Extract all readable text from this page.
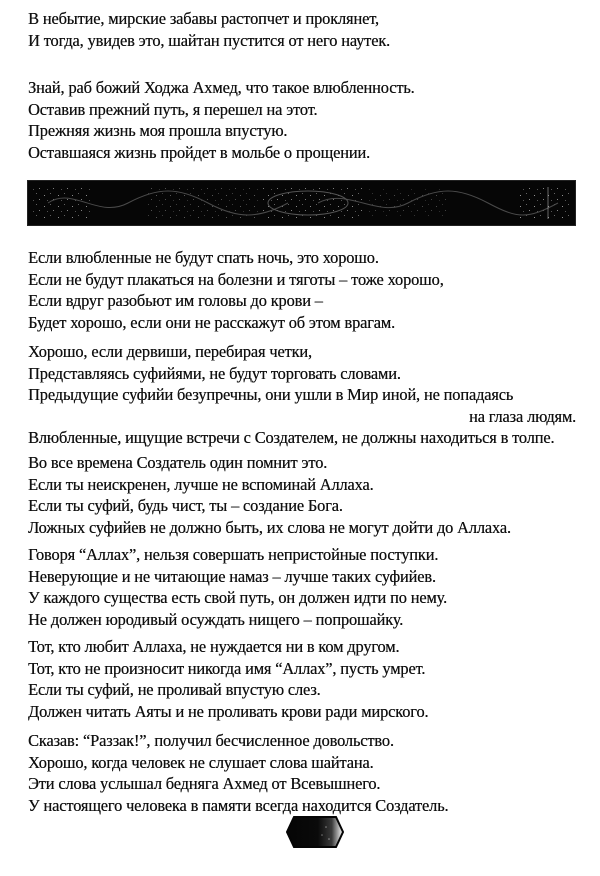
В небытие, мирские забавы растопчет и проклянет,
И тогда, увидев это, шайтан пустится от него наутек.
Знай, раб божий Ходжа Ахмед, что такое влюбленность.
Оставив прежний путь, я перешел на этот.
Прежняя жизнь моя прошла впустую.
Оставшаяся жизнь пройдет в мольбе о прощении.
Если влюбленные не будут спать ночь, это хорошо.
Если не будут плакаться на болезни и тяготы – тоже хорошо,
Если вдруг разобьют им головы до крови –
Будет хорошо, если они не расскажут об этом врагам.
Хорошо, если дервиши, перебирая четки,
Представляясь суфийями, не будут торговать словами.
Предыдущие суфийи безупречны, они ушли в Мир иной, не попадаясь
на глаза людям.
Влюбленные, ищущие встречи с Создателем, не должны находиться в толпе.
Во все времена Создатель один помнит это.
Если ты неискренен, лучше не вспоминай Аллаха.
Если ты суфий, будь чист, ты – создание Бога.
Ложных суфийев не должно быть, их слова не могут дойти до Аллаха.
Говоря “Аллах”, нельзя совершать непристойные поступки.
Неверующие и не читающие намаз – лучше таких суфийев.
У каждого существа есть свой путь, он должен идти по нему.
Не должен юродивый осуждать нищего – попрошайку.
Тот, кто любит Аллаха, не нуждается ни в ком другом.
Тот, кто не произносит никогда имя “Аллах”, пусть умрет.
Если ты суфий, не проливай впустую слез.
Должен читать Аяты и не проливать крови ради мирского.
Сказав: “Раззак!”, получил бесчисленное довольство.
Хорошо, когда человек не слушает слова шайтана.
Эти слова услышал бедняга Ахмед от Всевышнего.
У настоящего человека в памяти всегда находится Создатель.
